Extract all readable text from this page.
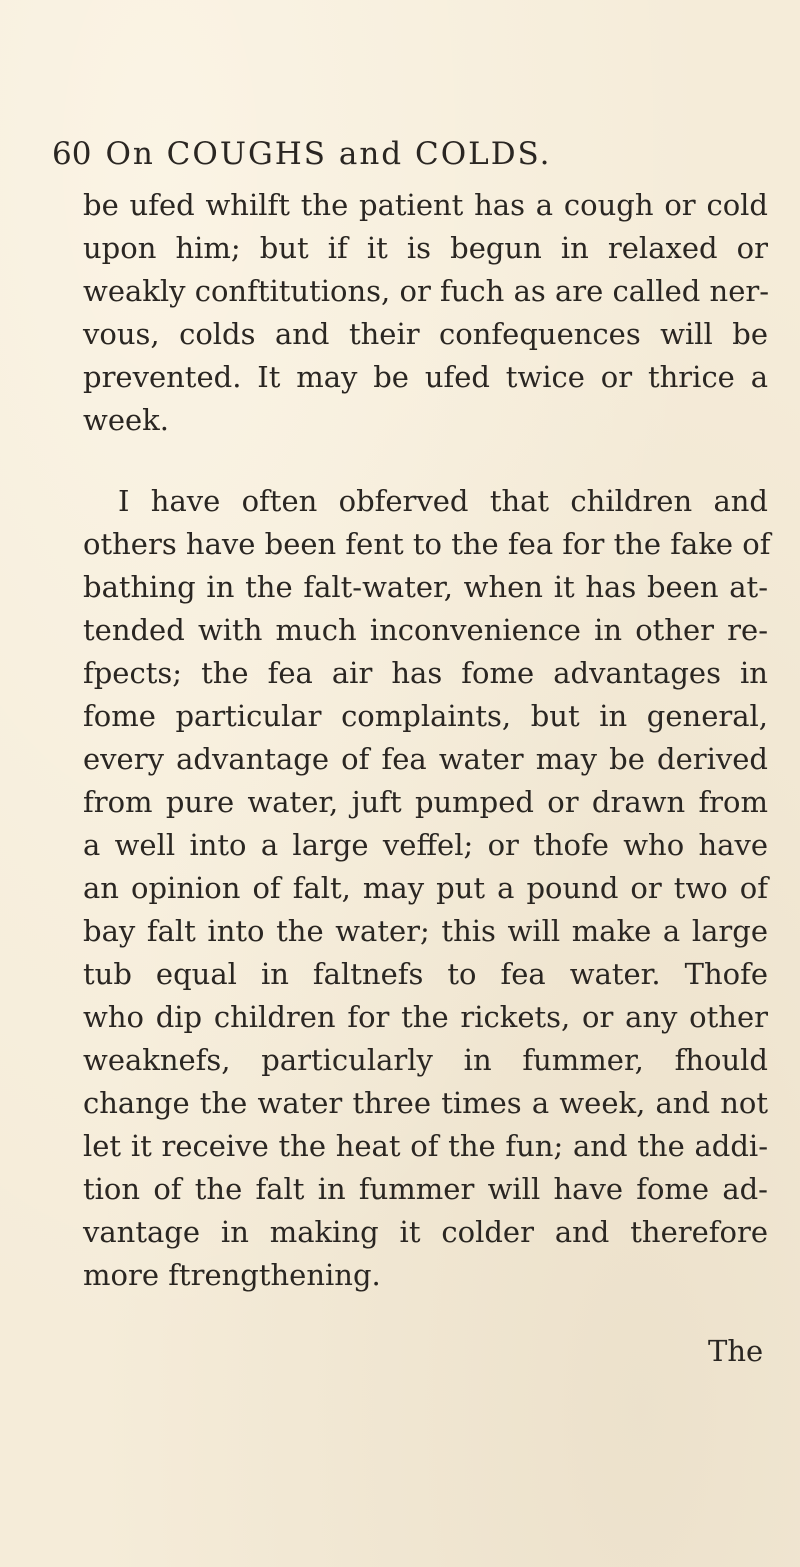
60 On COUGHS and COLDS.
be ufed whilft the patient has a cough or cold
upon him; but if it is begun in relaxed or
weakly conftitutions, or fuch as are called ner-
vous, colds and their confequences will be
prevented. It may be ufed twice or thrice a
week.
I have often obferved that children and
others have been fent to the fea for the fake of
bathing in the falt-water, when it has been at-
tended with much inconvenience in other re-
fpects; the fea air has fome advantages in
fome particular complaints, but in general,
every advantage of fea water may be derived
from pure water, juft pumped or drawn from
a well into a large veffel; or thofe who have
an opinion of falt, may put a pound or two of
bay falt into the water; this will make a large
tub equal in faltnefs to fea water. Thofe
who dip children for the rickets, or any other
weaknefs, particularly in fummer, fhould
change the water three times a week, and not
let it receive the heat of the fun; and the addi-
tion of the falt in fummer will have fome ad-
vantage in making it colder and therefore
more ftrengthening.
The
